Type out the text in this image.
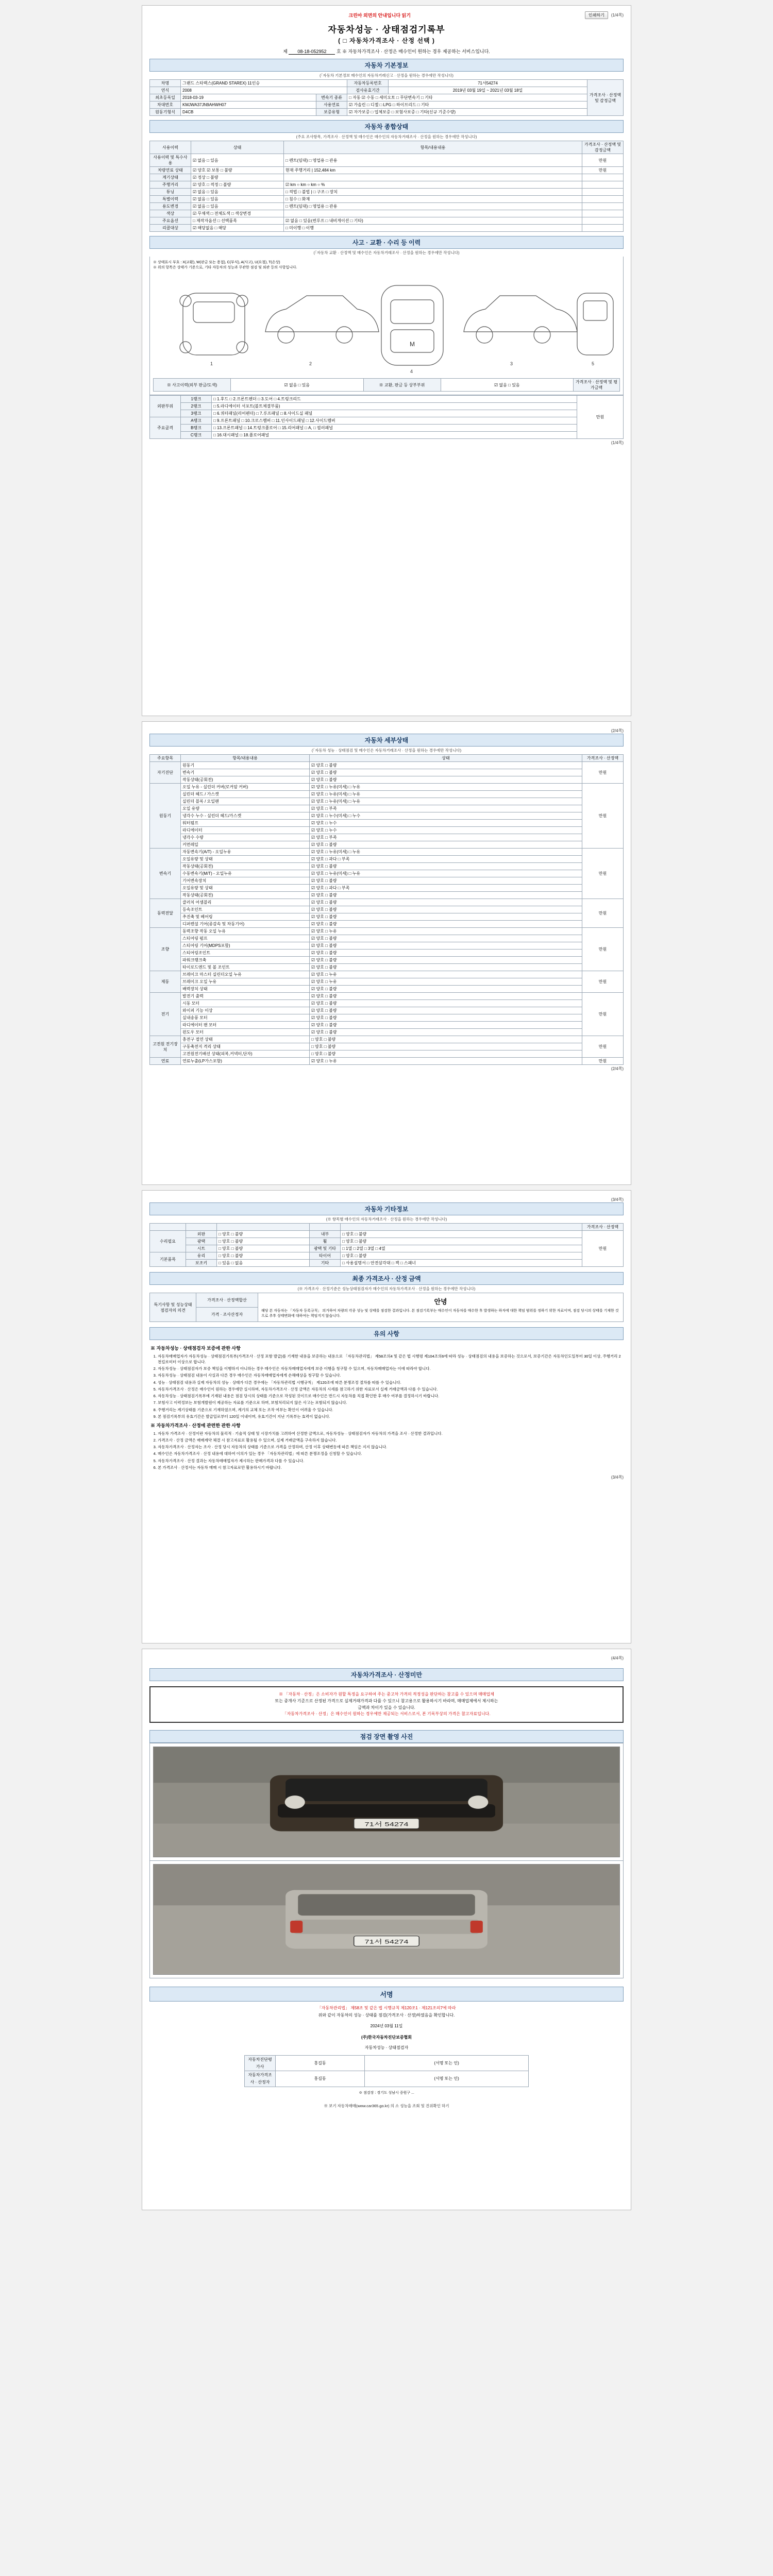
크린아 외면의 안내입니다 읽기	인쇄하기	(1/4쪽)
자동차성능 · 상태점검기록부
( □ 자동차가격조사 · 산정 선택 )
제 08-18-052952 호 ※ 자동차가격조사 · 산정은 매수인이 원하는 경우 제공하는 서비스입니다.
자동차 기본정보
(「자동차 기본정보 매수인의 자동차거래신고 · 산정을 원하는 경우에만 작성니다)
차명	그랜드 스타렉스(GRAND STAREX) 11인승		자동차등록번호	71서54274	가격조사 · 산정액 및 감정금액
연식	2008		검사유효기간	2019년 03월 19일 ~ 2021년 03월 18일	
최초등록일	2018-03-19	변속기 종류	□ 자동 ☑ 수동 □ 세미오토 □ 무단변속기 □ 기타		
차대번호	KMJWA37JN9AHWH07	사용연료	☑ 가솔린 □ 디젤 □ LPG □ 하이브리드 □ 기타		
원동기형식	D4CB	보증유형	☑ 자가보증 □ 업체보증 □ 보험사보증 □ 기타(신규 기준수량)		
자동차 종합상태
(주요 조사항목, 가격조사 · 산정액 및 매수인은 매수인의 자동차거래조사 · 산정을 원하는 경우에만 작성니다)
사용이력	상태	항목/내용내용	가격조사 · 산정액 및 감정금액
사용이력 및 특수사용	☑ 없음 □ 있음	□ 렌트(임대) □ 영업용 □ 관용	만원
차량연료 상태	☑ 양호 ☑ 보통 □ 불량	현재 주행거리 | 152,484 km	만원
계기상태	☑ 정상 □ 불량		
주행거리	☑ 양호 □ 적정 □ 불량	☑ km ○ km ○ km ○ %	
튜닝	☑ 없음 □ 있음	□ 적법 □ 불법 | □ 구조 □ 장치	
특별이력	☑ 없음 □ 있음	□ 침수 □ 화재	
용도변경	☑ 없음 □ 있음	□ 렌트(임대) □ 영업용 □ 관용	
색상	☑ 무채색 □ 전체도색 □ 색상변경		
주요옵션	□ 제작자옵션 □ 선택품목	☑ 없음 □ 있음(썬루프 □ 내비게이션 □ 기타)	
리콜대상	☑ 해당없음 □ 해당	□ 미이행 □ 이행	
사고 · 교환 · 수리 등 이력
(「자동차 교환 · 산정액 및 매수인은 자동차거래조사 · 산정을 원하는 경우에만 작성니다)
※ 상태표시 부호 : X(교환), W(판금 또는 용접), C(부식), A(사고), U(요철), T(손상)
※ 위의 항목은 상태가 기준으로, 기타 자동차의 성능과 무관한 점검 및 외관 등의 사항입니다.
M
1	2
4
3	5
※ 사고이력(외부 판금/도색)	☑ 없음 □ 있음	※ 교환, 판금 등 상부부위	☑ 없음 □ 있음	가격조사 · 산정액 및 평가금액
외판부위	1랭크	□ 1.후드 □ 2.프론트펜더 □ 3.도어 □ 4.트렁크리드	만원
	2랭크	□ 5.라디에이터 서포트(볼트체결부품)	
	3랭크	□ 6.쿼터패널(리어펜더) □ 7.루프패널 □ 8.사이드실 패널	
주요골격	A랭크	□ 9.프론트패널 □ 10.크로스멤버 □ 11.인사이드패널 □ 12.사이드멤버	
	B랭크	□ 13.프론트패널 □ 14.트렁크플로어 □ 15.리어패널 □ A, □ 필러패널	
	C랭크	□ 16.대시패널 □ 18.플로어패널	
(1/4쪽)
(2/4쪽)
자동차 세부상태
(「자동차 성능 · 상태점검 및 매수인은 자동차거래조사 · 산정을 원하는 경우에만 작성니다)
주요항목	항목/내용내용	상태	가격조사 · 산정액
자기진단	원동기	☑ 양호 □ 불량	만원
	변속기	☑ 양호 □ 불량	
	작동상태(공회전)	☑ 양호 □ 불량	
원동기	오일 누유 - 실린더 커버(로커암 커버)	☑ 양호 □ 누유(미세) □ 누유	만원
	실린더 헤드 / 가스켓	☑ 양호 □ 누유(미세) □ 누유	
	실린더 블록 / 오일팬	☑ 양호 □ 누유(미세) □ 누유	
	오일 유량	☑ 양호 □ 부족	
	냉각수 누수 - 실린더 헤드/가스켓	☑ 양호 □ 누수(미세) □ 누수	
	워터펌프	☑ 양호 □ 누수	
	라디에이터	☑ 양호 □ 누수	
	냉각수 수량	☑ 양호 □ 부족	
	커먼레일	☑ 양호 □ 불량	
변속기	자동변속기(A/T) - 오일누유	☑ 양호 □ 누유(미세) □ 누유	만원
	오일유량 및 상태	☑ 양호 □ 과다 □ 부족	
	작동상태(공회전)	☑ 양호 □ 불량	
	수동변속기(M/T) - 오일누유	☑ 양호 □ 누유(미세) □ 누유	
	기어변속장치	☑ 양호 □ 불량	
	오일유량 및 상태	☑ 양호 □ 과다 □ 부족	
	작동상태(공회전)	☑ 양호 □ 불량	
동력전달	클러치 어셈블리	☑ 양호 □ 불량	만원
	등속조인트	☑ 양호 □ 불량	
	추진축 및 베어링	☑ 양호 □ 불량	
	디퍼렌셜 기어(종감속 및 차동기어)	☑ 양호 □ 불량	
조향	동력조향 작동 오일 누유	☑ 양호 □ 누유	만원
	스티어링 펌프	☑ 양호 □ 불량	
	스티어링 기어(MDPS포함)	☑ 양호 □ 불량	
	스티어링조인트	☑ 양호 □ 불량	
	파워크랭크축	☑ 양호 □ 불량	
	타이로드엔드 및 볼 조인트	☑ 양호 □ 불량	
제동	브레이크 마스터 실린더오일 누유	☑ 양호 □ 누유	만원
	브레이크 오일 누유	☑ 양호 □ 누유	
	배력장치 상태	☑ 양호 □ 불량	
전기	발전기 출력	☑ 양호 □ 불량	만원
	시동 모터	☑ 양호 □ 불량	
	와이퍼 기능 이상	☑ 양호 □ 불량	
	실내송풍 모터	☑ 양호 □ 불량	
	라디에이터 팬 모터	☑ 양호 □ 불량	
	윈도우 모터	☑ 양호 □ 불량	
고전원 전기장치	충전구 절연 상태	□ 양호 □ 불량	만원
	구동축전지 격리 상태	□ 양호 □ 불량	
	고전원전기배선 상태(피복,커넥터,단자)	□ 양호 □ 불량	
연료	연료누출(LP가스포함)	☑ 양호 □ 누유	만원
(2/4쪽)
(3/4쪽)
자동차 기타정보
(※ 항목별 매수인의 자동차거래조사 · 산정을 원하는 경우에만 작성니다)
					가격조사 · 산정액
수리필요	외판	□ 양호 □ 불량	내부	□ 양호 □ 불량	만원
	광택	□ 양호 □ 불량	휠	□ 양호 □ 불량	
	시트	□ 양호 □ 불량	광택 및 기타	□ 1열 □ 2열 □ 3열 □ 4열	
기본품목	유리	□ 양호 □ 불량	타이어	□ 양호 □ 불량	
	보조키	□ 있음 □ 없음	기타	□ 사용설명서 □ 안전삼각대 □ 잭 □ 스패너	
최종 가격조사 · 산정 금액
(※ 가격조사 · 산정기준은 성능상태점검자가 매수인의 자동차가격조사 · 산정을 원하는 경우에만 작성니다)
특기사항 및 성능상태 점검자의 의견	가격조사 · 산정액합산	안녕
해당 본 자동차는 「자동차 등록규칙」 의거하여 차량의 각종 성능 및 상태를 점검한 결과입니다. 본 점검기록부는 매수인이 자동차를 매수한 후 발생하는 하자에 대한 책임 범위를 정하기 위한 자료이며, 점검 당시의 상태를 기재한 것으로 추후 상태변화에 대하여는 책임지지 않습니다.

가격 · 조사산정자
유의 사항
※ 자동차성능 · 상태점검자 보증에 관한 사항
1. 자동차매매업자가 자동차성능 · 상태점검기록부(가격조사 · 산정 포함 발급)를 기재한 내용을 보증하는 내용으로 「자동차관리법」 제58조의4 및 같은 법 시행령 제104조의6에 따라 성능 · 상태점검의 내용을 보증하는 것으로서, 보증기간은 자동차인도일부터 30일 이상, 주행거리 2천킬로미터 이상으로 합니다.
2. 자동차성능 · 상태점검자가 보증 책임을 이행하지 아니하는 경우 매수인은 자동차매매업자에게 보증 이행을 청구할 수 있으며, 자동차매매업자는 이에 따라야 합니다.
3. 자동차성능 · 상태점검 내용이 사실과 다른 경우 매수인은 자동차매매업자에게 손해배상을 청구할 수 있습니다.
4. 성능 · 상태점검 내용과 실제 자동차의 성능 · 상태가 다른 경우에는 「자동차관리법 시행규칙」 제120조에 따른 분쟁조정 절차를 따를 수 있습니다.
5. 자동차가격조사 · 산정은 매수인이 원하는 경우에만 실시하며, 자동차가격조사 · 산정 금액은 자동차의 시세를 참고하기 위한 자료로서 실제 거래금액과 다를 수 있습니다.
6. 자동차성능 · 상태점검기록부에 기재된 내용은 점검 당시의 상태를 기준으로 작성된 것이므로 매수인은 반드시 자동차를 직접 확인한 후 매수 여부를 결정하시기 바랍니다.
7. 보험사고 이력정보는 보험개발원이 제공하는 자료를 기준으로 하며, 보험처리되지 않은 사고는 포함되지 않습니다.
8. 주행거리는 계기상태를 기준으로 기재하였으며, 계기의 교체 또는 조작 여부는 확인이 어려울 수 있습니다.
9. 본 점검기록부의 유효기간은 발급일로부터 120일 이내이며, 유효기간이 지난 기록부는 효력이 없습니다.
※ 자동차가격조사 · 산정에 관련한 관한 사항
1. 자동차 가격조사 · 산정이란 자동차의 물리적 · 기술적 상태 및 시장가치를 고려하여 산정한 금액으로, 자동차성능 · 상태점검자가 자동차의 가격을 조사 · 산정한 결과입니다.
2. 가격조사 · 산정 금액은 매매계약 체결 시 참고자료로 활용될 수 있으며, 실제 거래금액을 구속하지 않습니다.
3. 자동차가격조사 · 산정자는 조사 · 산정 당시 자동차의 상태를 기준으로 가격을 산정하며, 산정 이후 상태변동에 따른 책임은 지지 않습니다.
4. 매수인은 자동차가격조사 · 산정 내용에 대하여 이의가 있는 경우 「자동차관리법」에 따른 분쟁조정을 신청할 수 있습니다.
5. 자동차가격조사 · 산정 결과는 자동차매매업자가 제시하는 판매가격과 다를 수 있습니다.
6. 본 가격조사 · 산정서는 자동차 매매 시 참고자료로만 활용하시기 바랍니다.
(3/4쪽)
(4/4쪽)
자동차가격조사 · 산정미만
※ 「자동차 · 산정」은 소비자가 원할 특정을 요구하여 주는 중고차 가격의 적정성을 판단하는 참고를 수 있으며 매매업체
또는 중개사 기준으로 산정된 가격으로 실제거래가격과 다를 수 있으니 참고용으로 활용하시기 바라며, 매매업체에서 제시하는
금액과 차이가 있을 수 있습니다.
「자동차가격조사 · 산정」은 매수인이 원하는 경우에만 제공되는 서비스로서, 본 기록부상의 가격은 참고자료입니다.
점검 장면 촬영 사진
71서 54274
71서 54274
서명
「자동차관리법」 제58조 및 같은 법 시행규칙 제120조1 · 제121조의7에 따라
위와 같이 자동차의 성능 · 상태를 점검(가격조사 · 산정)하였음을 확인합니다.
2024년 03월 11일
(주)한국자동차진단보증협회
자동차성능 · 상태점검자
자동차진단평가사	홍길동	(서명 또는 인)
자동차가격조사 · 산정자	홍길동	(서명 또는 인)
※ 점검장 : 경기도 성남시 중원구 ...
※ 보기 자동차매매(www.car365.go.kr) 의 소 성능을 조회 및 진위확인 하기
